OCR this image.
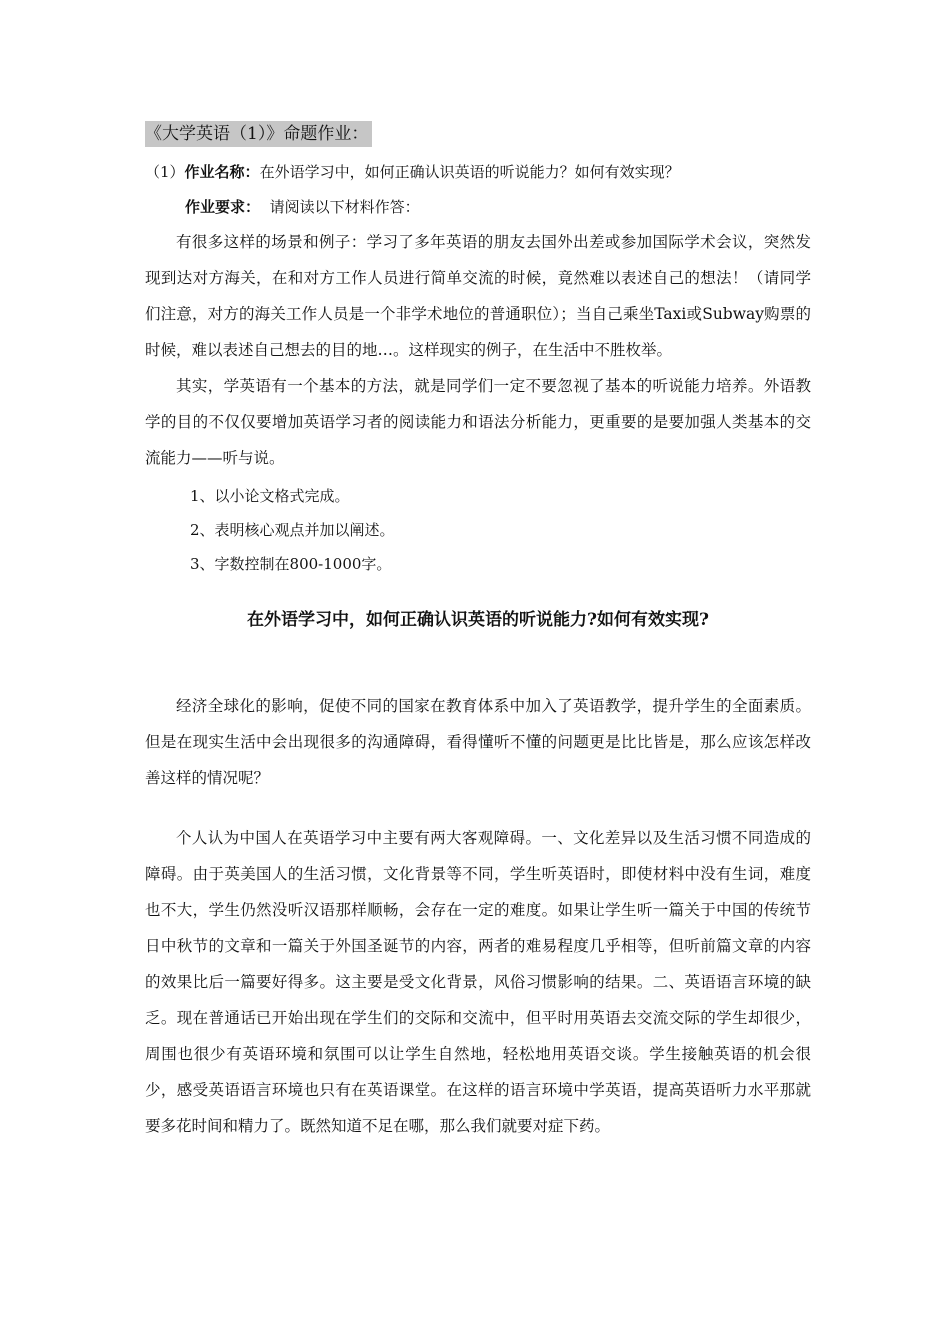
《大学英语（1）》命题作业：
（1）作业名称：在外语学习中，如何正确认识英语的听说能力？如何有效实现？
作业要求： 请阅读以下材料作答：

有很多这样的场景和例子：学习了多年英语的朋友去国外出差或参加国际学术会议，突然发现到达对方海关，在和对方工作人员进行简单交流的时候，竟然难以表述自己的想法！（请同学们注意，对方的海关工作人员是一个非学术地位的普通职位）；当自己乘坐Taxi或Subway购票的时候，难以表述自己想去的目的地…。这样现实的例子，在生活中不胜枚举。

其实，学英语有一个基本的方法，就是同学们一定不要忽视了基本的听说能力培养。外语教学的目的不仅仅要增加英语学习者的阅读能力和语法分析能力，更重要的是要加强人类基本的交流能力——听与说。

1、以小论文格式完成。
2、表明核心观点并加以阐述。
3、字数控制在800-1000字。
在外语学习中，如何正确认识英语的听说能力?如何有效实现?

经济全球化的影响，促使不同的国家在教育体系中加入了英语教学，提升学生的全面素质。但是在现实生活中会出现很多的沟通障碍，看得懂听不懂的问题更是比比皆是，那么应该怎样改善这样的情况呢？

个人认为中国人在英语学习中主要有两大客观障碍。一、文化差异以及生活习惯不同造成的障碍。由于英美国人的生活习惯，文化背景等不同，学生听英语时，即使材料中没有生词，难度也不大，学生仍然没听汉语那样顺畅，会存在一定的难度。如果让学生听一篇关于中国的传统节日中秋节的文章和一篇关于外国圣诞节的内容，两者的难易程度几乎相等，但听前篇文章的内容的效果比后一篇要好得多。这主要是受文化背景，风俗习惯影响的结果。二、英语语言环境的缺乏。现在普通话已开始出现在学生们的交际和交流中，但平时用英语去交流交际的学生却很少，周围也很少有英语环境和氛围可以让学生自然地，轻松地用英语交谈。学生接触英语的机会很少，感受英语语言环境也只有在英语课堂。在这样的语言环境中学英语，提高英语听力水平那就要多花时间和精力了。既然知道不足在哪，那么我们就要对症下药。
